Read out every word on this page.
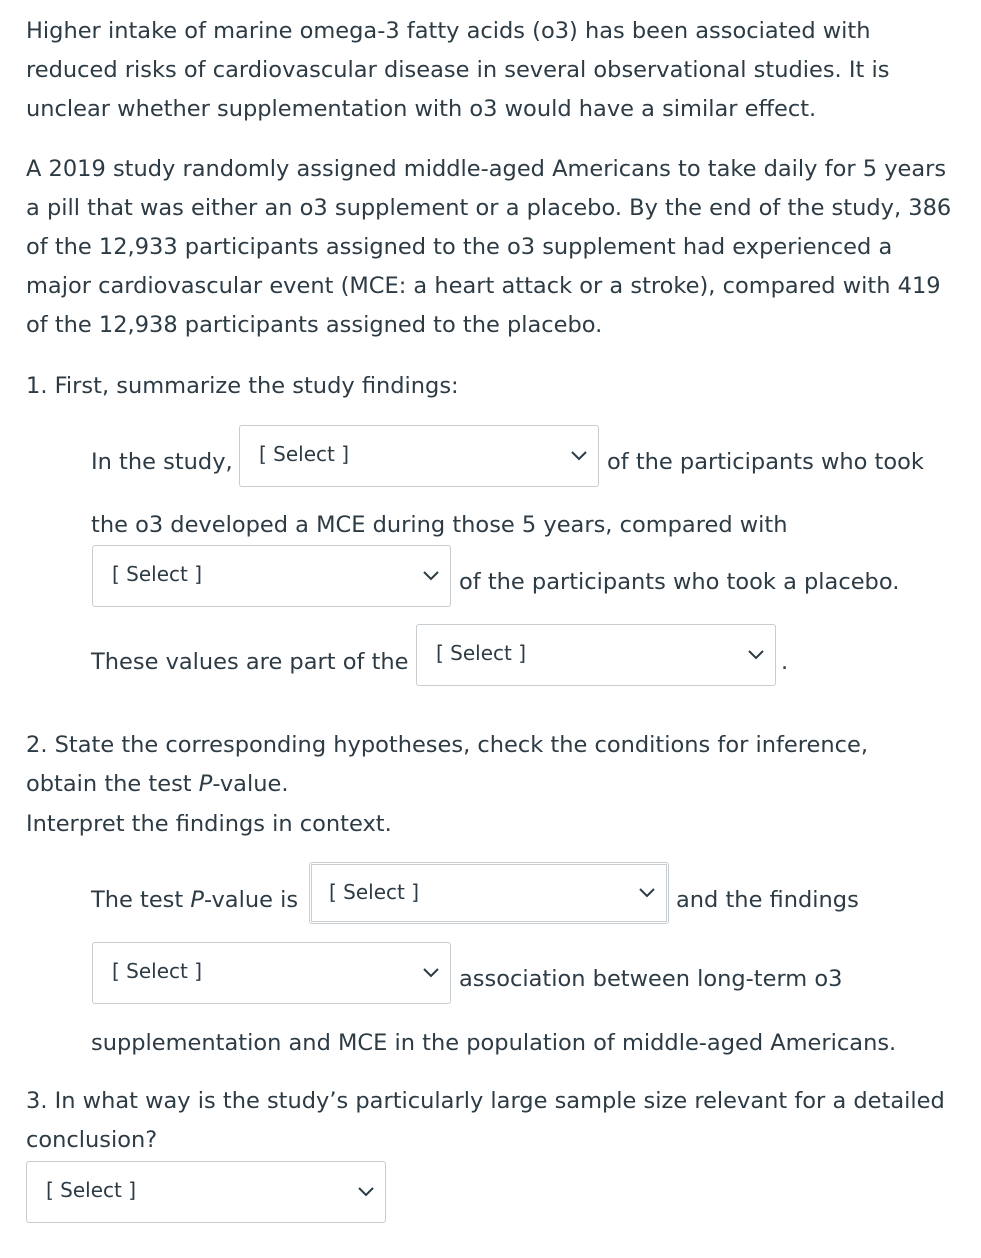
Higher intake of marine omega-3 fatty acids (o3) has been associated with reduced risks of cardiovascular disease in several observational studies. It is unclear whether supplementation with o3 would have a similar effect.

A 2019 study randomly assigned middle-aged Americans to take daily for 5 years a pill that was either an o3 supplement or a placebo. By the end of the study, 386 of the 12,933 participants assigned to the o3 supplement had experienced a major cardiovascular event (MCE: a heart attack or a stroke), compared with 419 of the 12,938 participants assigned to the placebo.

1. First, summarize the study findings:
In the study, [ Select ]	of the participants who took
the o3 developed a MCE during those 5 years, compared with
[ Select ]	of the participants who took a placebo.
These values are part of the [ Select ]	.
2. State the corresponding hypotheses, check the conditions for inference,
obtain the test P-value.
Interpret the findings in context.
The test P-value is [ Select ]	and the findings
[ Select ]	association between long-term o3
supplementation and MCE in the population of middle-aged Americans.

3. In what way is the study’s particularly large sample size relevant for a detailed conclusion?

[ Select ]
